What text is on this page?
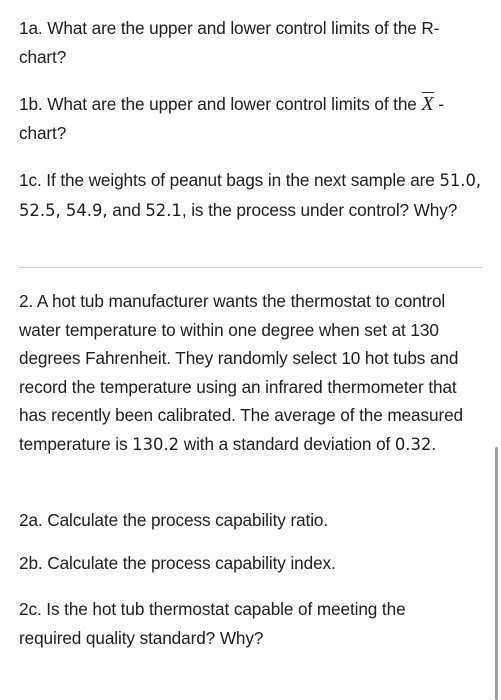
1a. What are the upper and lower control limits of the R-chart?

1b. What are the upper and lower control limits of the X -chart?

1c. If the weights of peanut bags in the next sample are 51.0, 52.5, 54.9, and 52.1, is the process under control? Why?

2. A hot tub manufacturer wants the thermostat to control water temperature to within one degree when set at 130 degrees Fahrenheit. They randomly select 10 hot tubs and record the temperature using an infrared thermometer that has recently been calibrated. The average of the measured temperature is 130.2 with a standard deviation of 0.32.

2a. Calculate the process capability ratio.

2b. Calculate the process capability index.

2c. Is the hot tub thermostat capable of meeting the required quality standard? Why?
